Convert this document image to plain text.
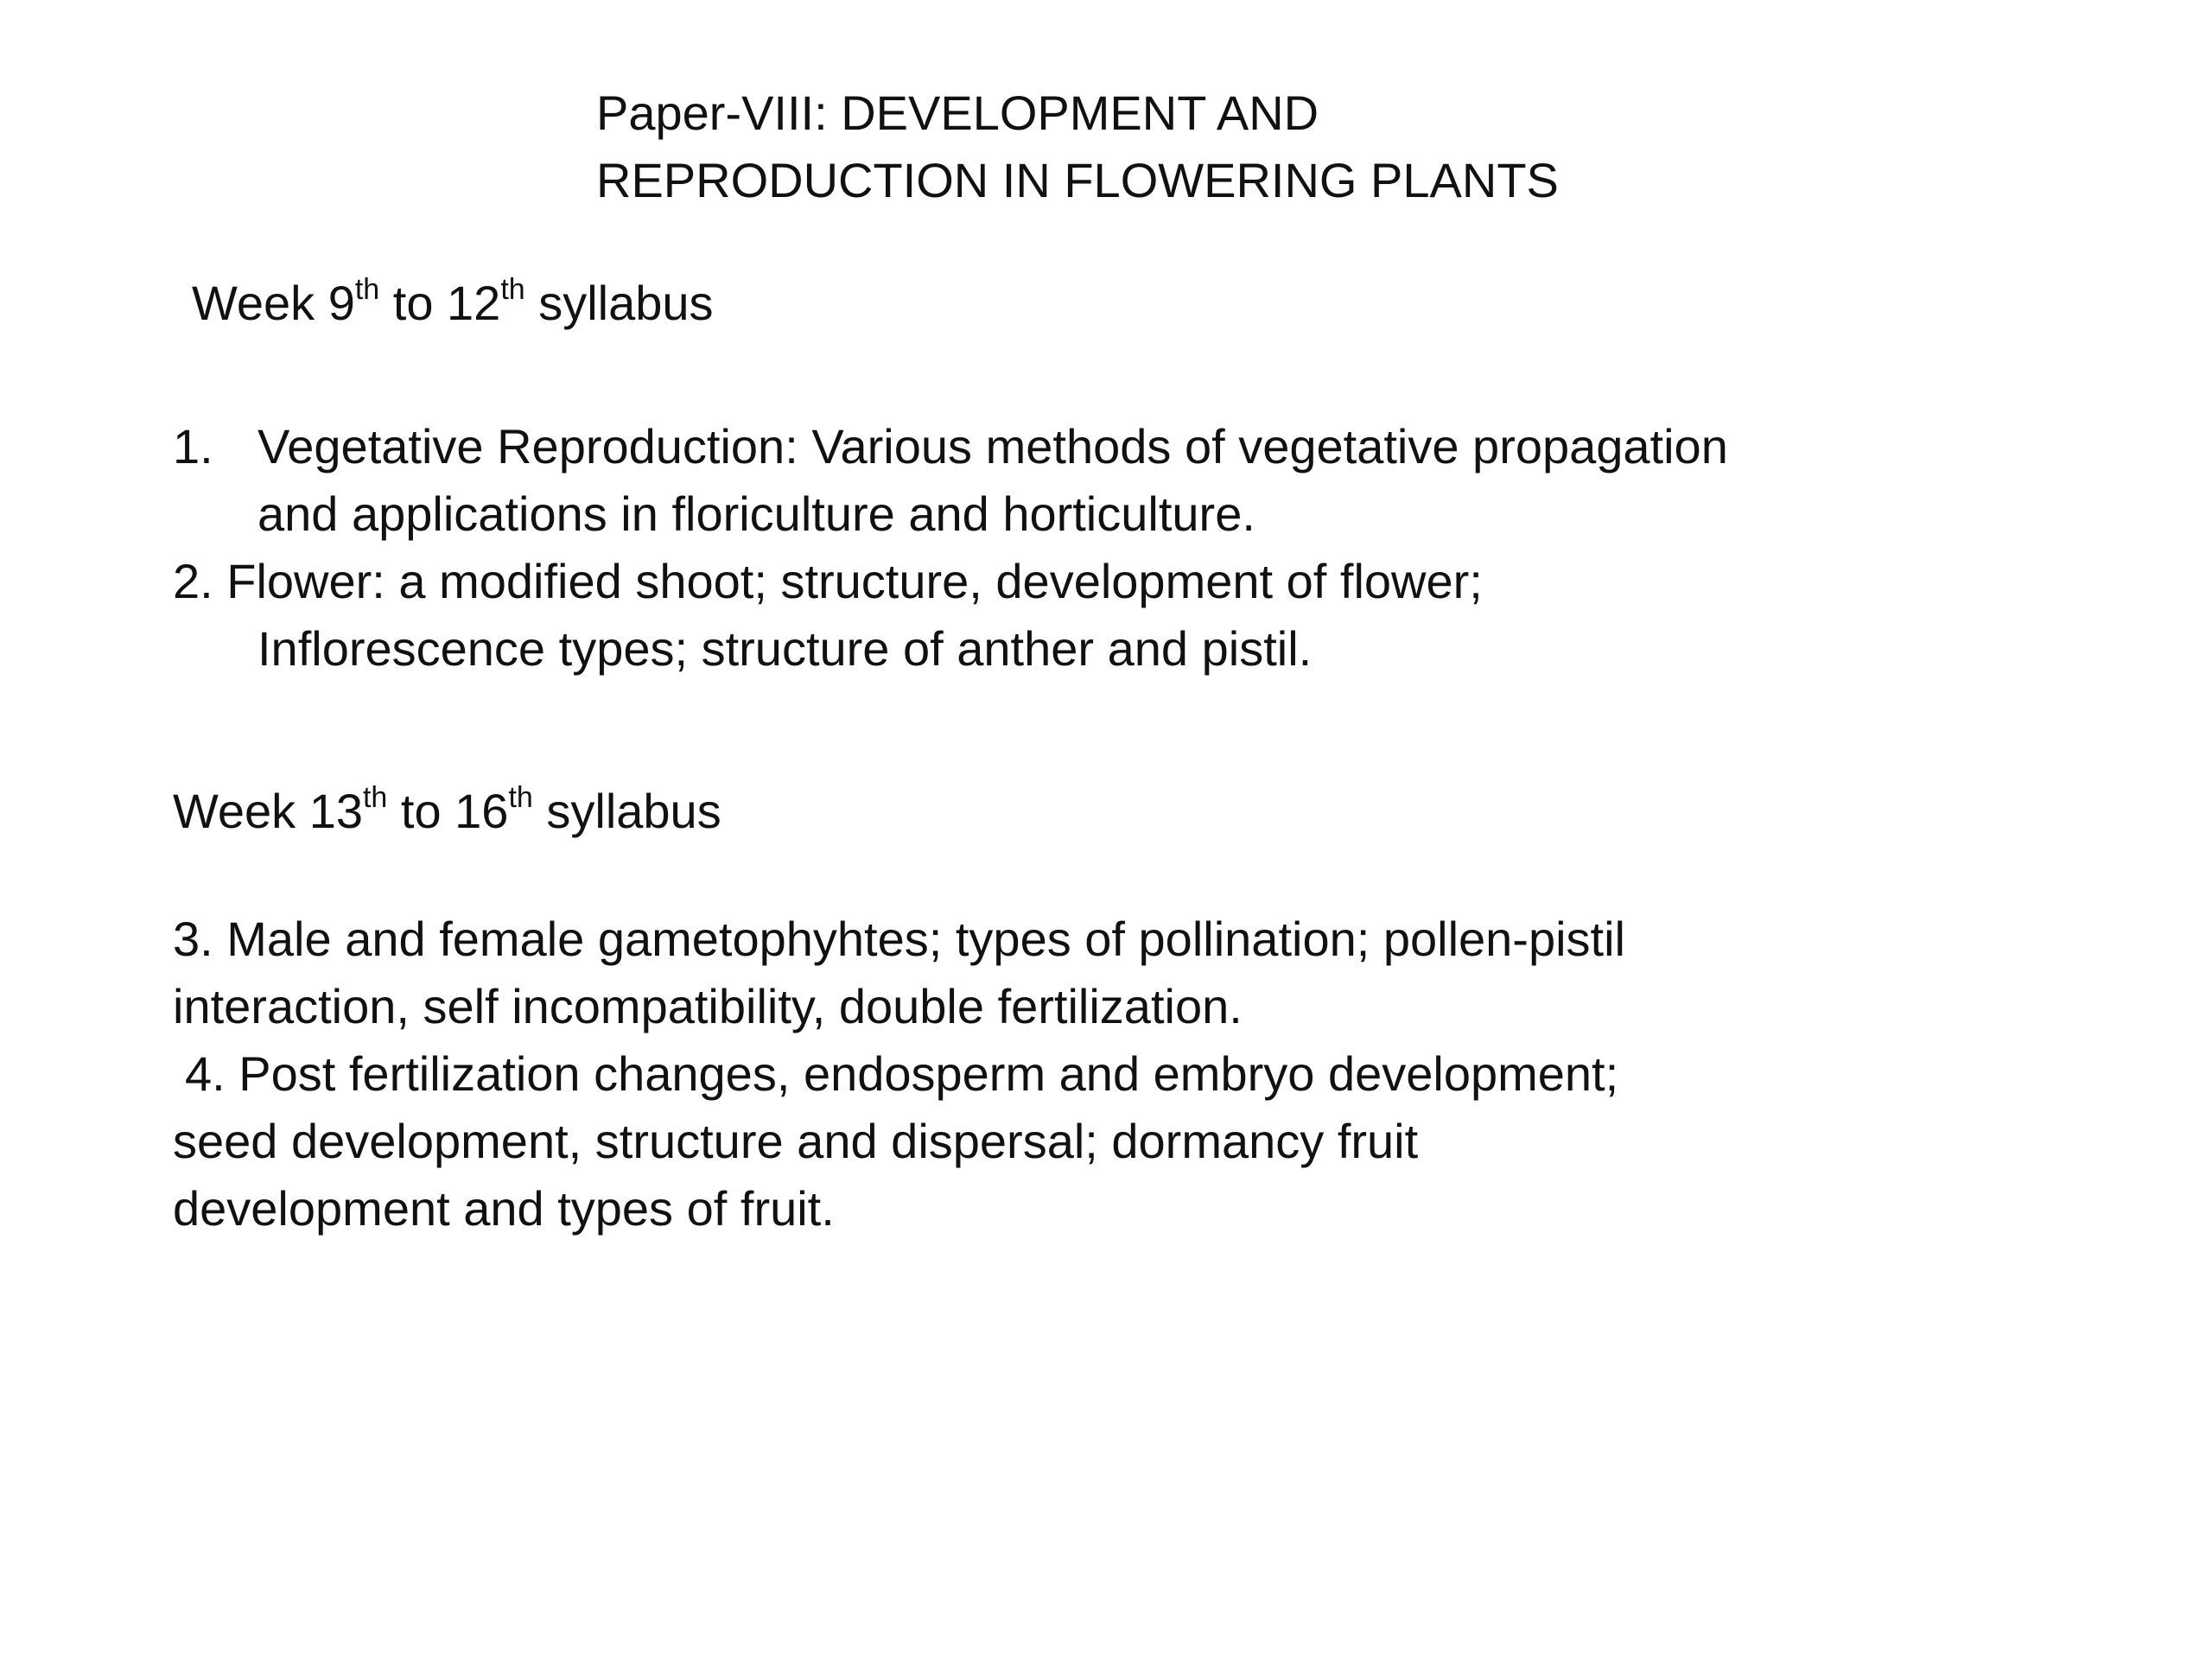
Paper-VIII: DEVELOPMENT AND
REPRODUCTION IN FLOWERING PLANTS
Week 9th to 12th syllabus
1. Vegetative Reproduction: Various methods of vegetative propagation
and applications in floriculture and horticulture.
2. Flower: a modified shoot; structure, development of flower;
Inflorescence types; structure of anther and pistil.
Week 13th to 16th syllabus
3. Male and female gametophyhtes; types of pollination; pollen-pistil
interaction, self incompatibility, double fertilization.
4. Post fertilization changes, endosperm and embryo development;
seed development, structure and dispersal; dormancy fruit
development and types of fruit.
